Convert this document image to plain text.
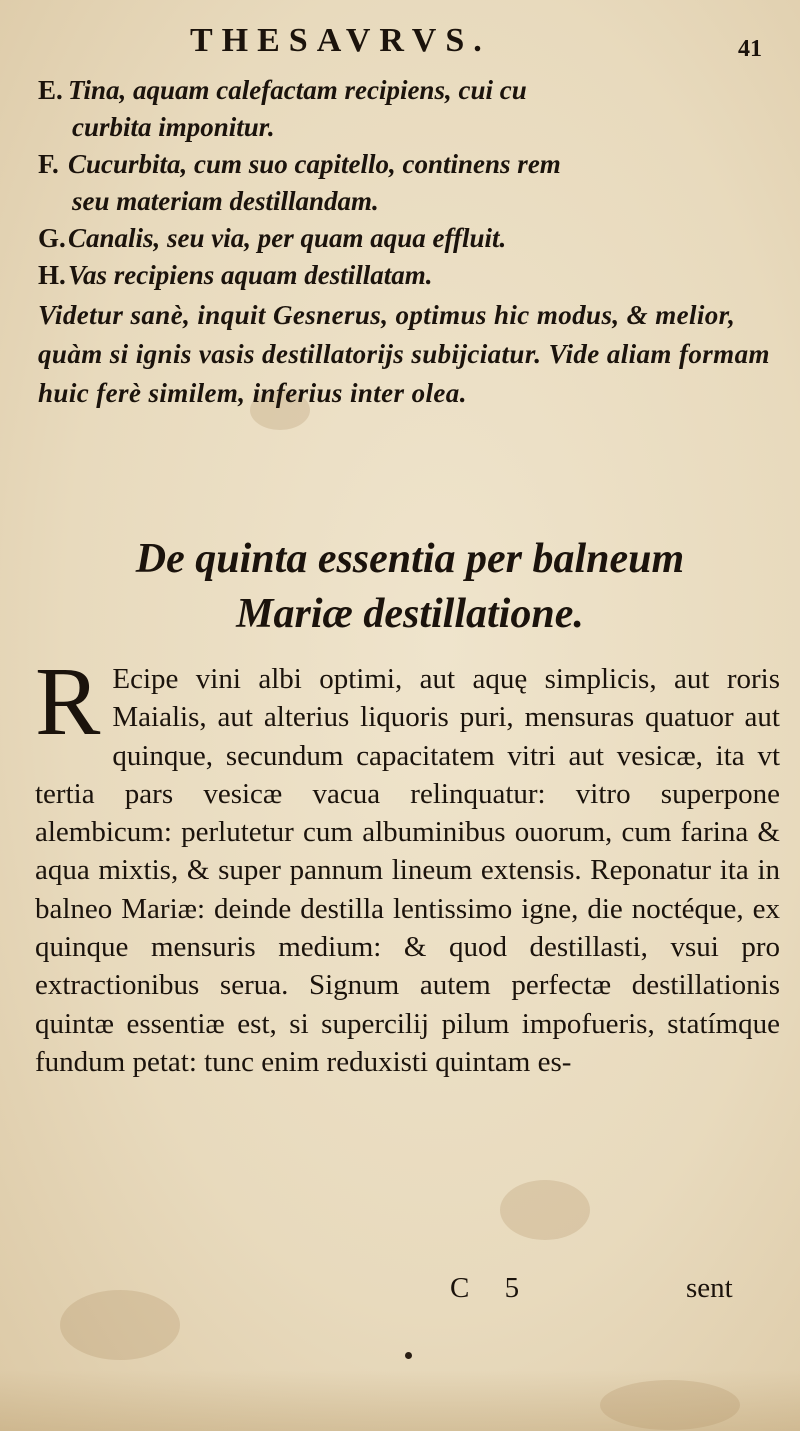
THESAVRVS.	41

E. Tina, aquam calefactam recipiens, cui cu
curbita imponitur.

F. Cucurbita, cum suo capitello, continens rem
seu materiam destillandam.

G.Canalis, seu via, per quam aqua effluit.

H.Vas recipiens aquam destillatam.

Videtur sanè, inquit Gesnerus, optimus hic modus, & melior, quàm si ignis vasis destillatorijs subijciatur. Vide aliam formam huic ferè similem, inferius inter olea.

De quinta essentia per balneum
Mariæ destillatione.

R Ecipe vini albi optimi, aut aquę simplicis, aut roris Maialis, aut alterius liquoris puri, mensuras quatuor aut quinque, secundum capacitatem vitri aut vesicæ, ita vt tertia pars vesicæ vacua relinquatur: vitro superpone alembicum: perlutetur cum albuminibus ouorum, cum farina & aqua mixtis, & super pannum lineum extensis. Reponatur ita in balneo Mariæ: deinde destilla lentissimo igne, die noctéque, ex quinque mensuris medium: & quod destillasti, vsui pro extractionibus serua. Signum autem perfectæ destillationis quintæ essentiæ est, si supercilij pilum impofueris, statímque fundum petat: tunc enim reduxisti quintam es-

C 5	sent
